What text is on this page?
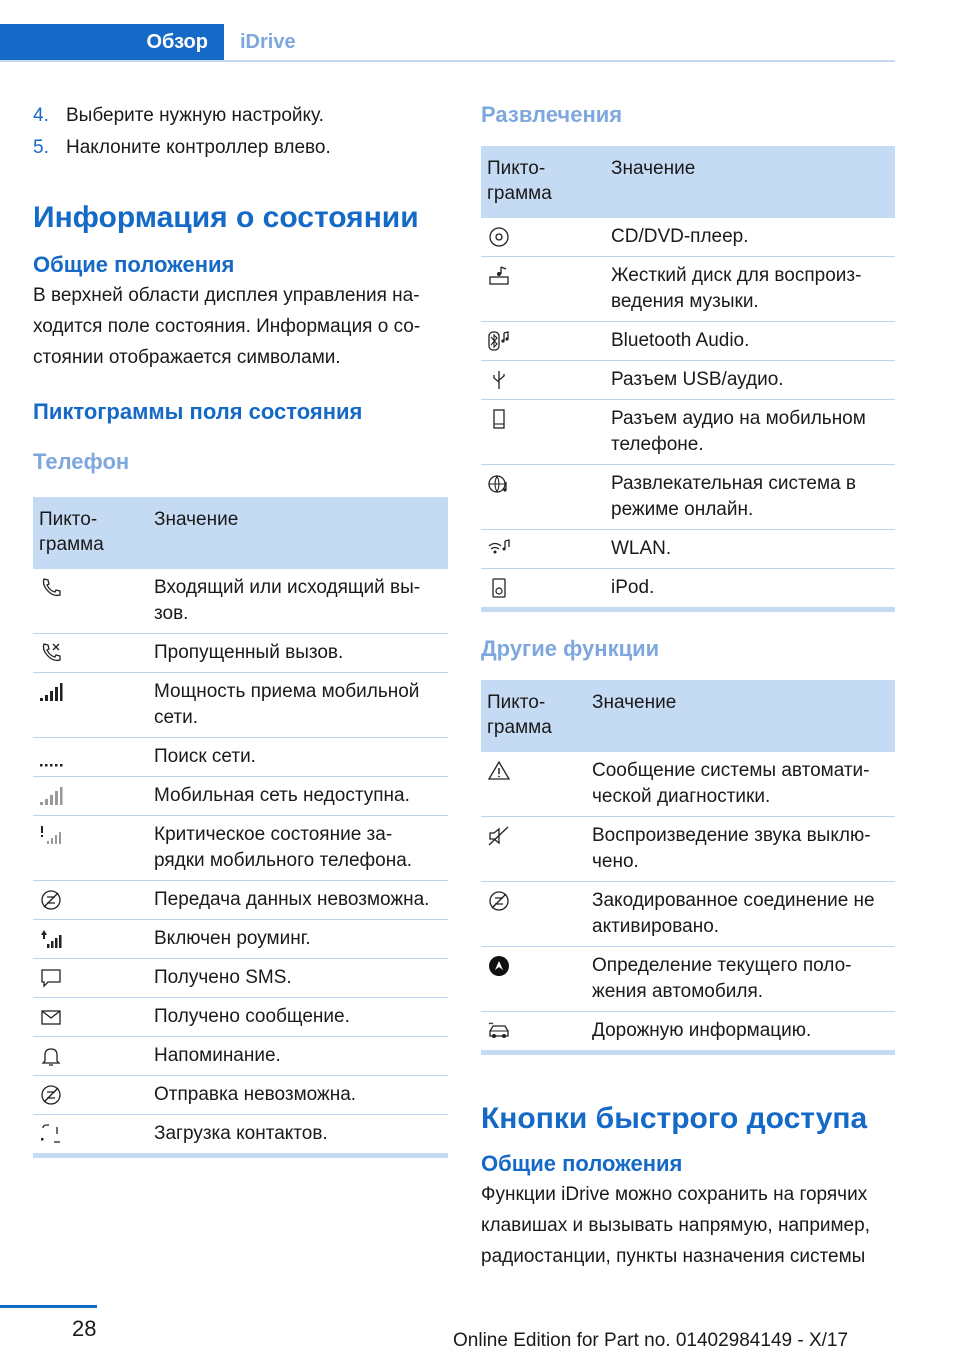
Обзор	iDrive
4. Выберите нужную настройку.
5. Наклоните контроллер влево.
Информация о состоянии
Общие положения

В верхней области дисплея управления на-ходится поле состояния. Информация о со-стоянии отображается символами.

Пиктограммы поля состояния
Телефон
Пикто-грамма	Значение

	Входящий или исходящий вы-зов.

	Пропущенный вызов.

	Мощность приема мобильной сети.

	Поиск сети.

	Мобильная сеть недоступна.

	Критическое состояние за-рядки мобильного телефона.

	Передача данных невозможна.

	Включен роуминг.

	Получено SMS.

	Получено сообщение.

	Напоминание.

	Отправка невозможна.

	Загрузка контактов.
Развлечения
Пикто-грамма	Значение

	CD/DVD-плеер.

	Жесткий диск для воспроиз-ведения музыки.

	Bluetooth Audio.

	Разъем USB/аудио.

	Разъем аудио на мобильном телефоне.

	Развлекательная система в режиме онлайн.

	WLAN.

	iPod.
Другие функции
Пикто-грамма	Значение

	Сообщение системы автомати-ческой диагностики.

	Воспроизведение звука выклю-чено.

	Закодированное соединение не активировано.

	Определение текущего поло-жения автомобиля.

	Дорожную информацию.
Кнопки быстрого доступа
Общие положения

Функции iDrive можно сохранить на горячих клавишах и вызывать напрямую, например, радиостанции, пункты назначения системы

28	Online Edition for Part no. 01402984149 - X/17
